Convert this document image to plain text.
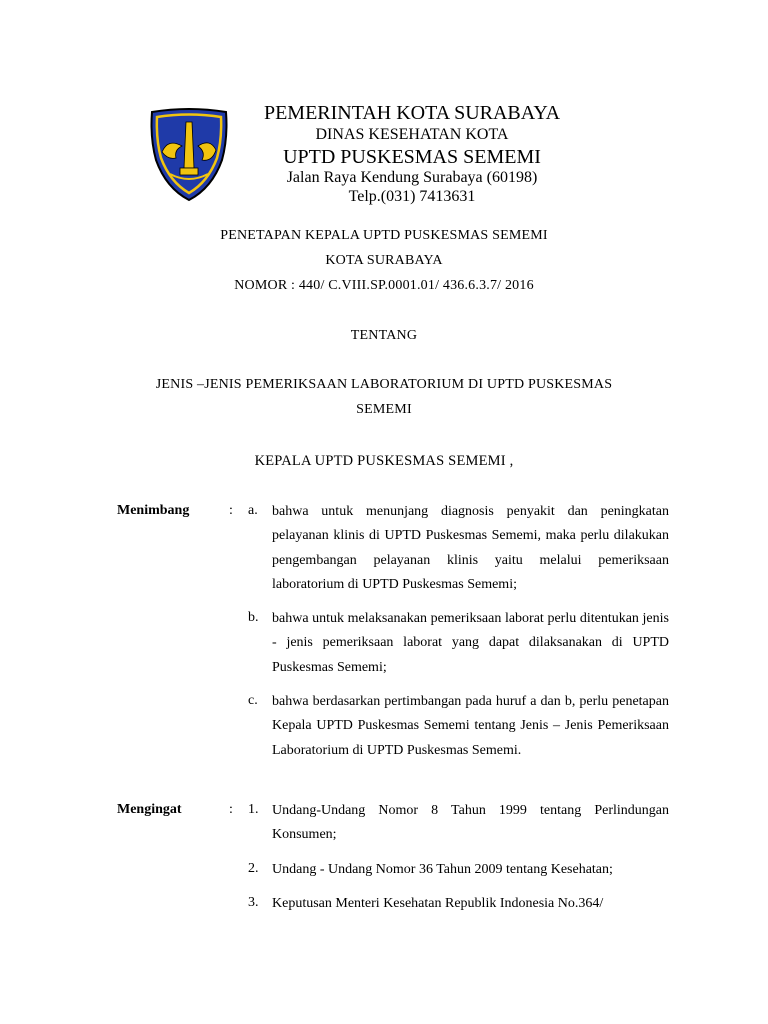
PEMERINTAH KOTA SURABAYA
DINAS KESEHATAN KOTA
UPTD PUSKESMAS SEMEMI
Jalan Raya Kendung Surabaya (60198)
Telp.(031) 7413631
PENETAPAN KEPALA UPTD PUSKESMAS SEMEMI
KOTA SURABAYA
NOMOR : 440/ C.VIII.SP.0001.01/ 436.6.3.7/ 2016
TENTANG
JENIS –JENIS PEMERIKSAAN LABORATORIUM DI UPTD PUSKESMAS
SEMEMI
KEPALA UPTD PUSKESMAS SEMEMI ,
Menimbang	: a. bahwa untuk menunjang diagnosis penyakit dan peningkatan pelayanan klinis di UPTD Puskesmas Sememi, maka perlu dilakukan pengembangan pelayanan klinis yaitu melalui pemeriksaan laboratorium di UPTD Puskesmas Sememi;
b. bahwa untuk melaksanakan pemeriksaan laborat perlu ditentukan jenis - jenis pemeriksaan laborat yang dapat dilaksanakan di UPTD Puskesmas Sememi;
c. bahwa berdasarkan pertimbangan pada huruf a dan b, perlu penetapan Kepala UPTD Puskesmas Sememi tentang Jenis – Jenis Pemeriksaan Laboratorium di UPTD Puskesmas Sememi.
Mengingat	: 1. Undang-Undang Nomor 8 Tahun 1999 tentang Perlindungan Konsumen;
2. Undang - Undang Nomor 36 Tahun 2009 tentang Kesehatan;
3. Keputusan Menteri Kesehatan Republik Indonesia No.364/
